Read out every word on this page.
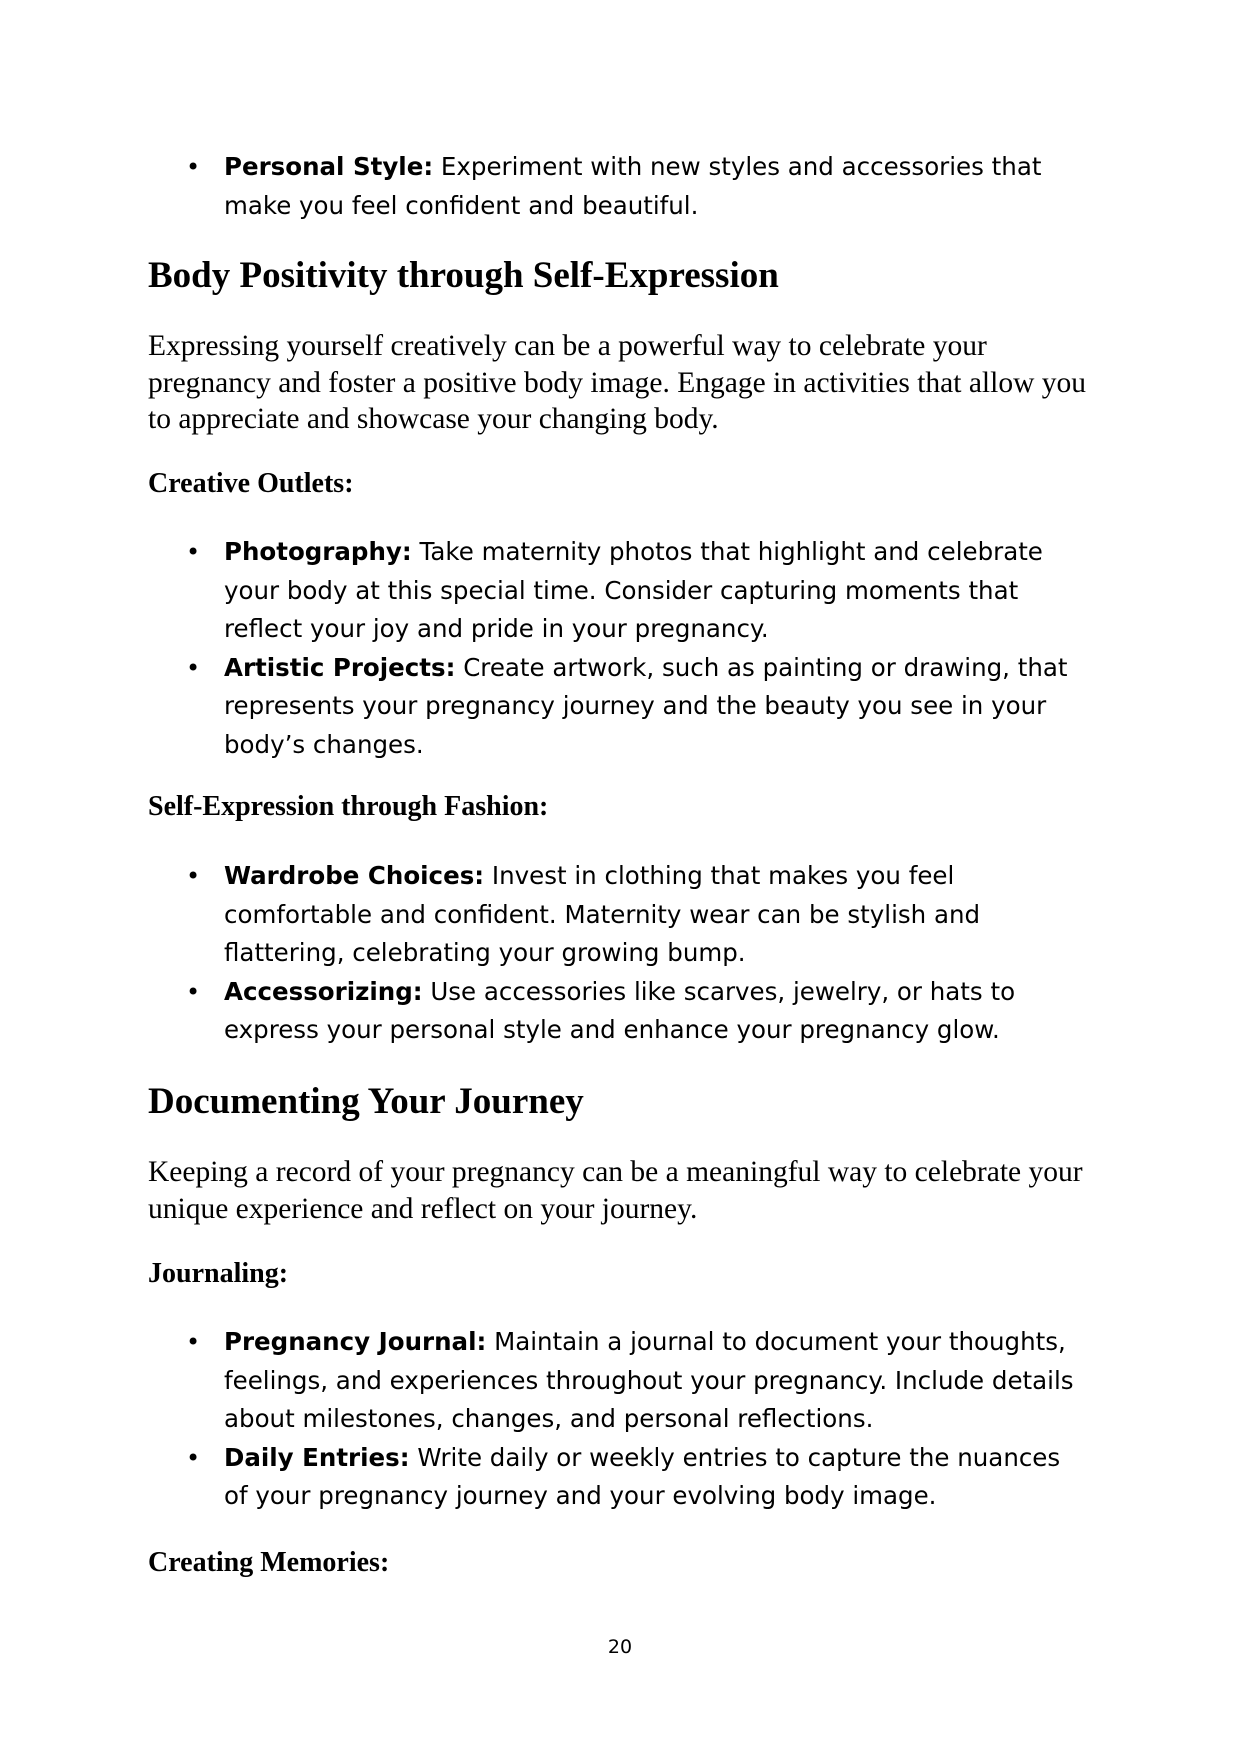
• Personal Style: Experiment with new styles and accessories that make you feel confident and beautiful.
Body Positivity through Self-Expression

Expressing yourself creatively can be a powerful way to celebrate your pregnancy and foster a positive body image. Engage in activities that allow you to appreciate and showcase your changing body.

Creative Outlets:
• Photography: Take maternity photos that highlight and celebrate your body at this special time. Consider capturing moments that reflect your joy and pride in your pregnancy.
• Artistic Projects: Create artwork, such as painting or drawing, that represents your pregnancy journey and the beauty you see in your body’s changes.
Self-Expression through Fashion:
• Wardrobe Choices: Invest in clothing that makes you feel comfortable and confident. Maternity wear can be stylish and flattering, celebrating your growing bump.
• Accessorizing: Use accessories like scarves, jewelry, or hats to express your personal style and enhance your pregnancy glow.
Documenting Your Journey

Keeping a record of your pregnancy can be a meaningful way to celebrate your unique experience and reflect on your journey.

Journaling:
• Pregnancy Journal: Maintain a journal to document your thoughts, feelings, and experiences throughout your pregnancy. Include details about milestones, changes, and personal reflections.
• Daily Entries: Write daily or weekly entries to capture the nuances of your pregnancy journey and your evolving body image.
Creating Memories:
20
